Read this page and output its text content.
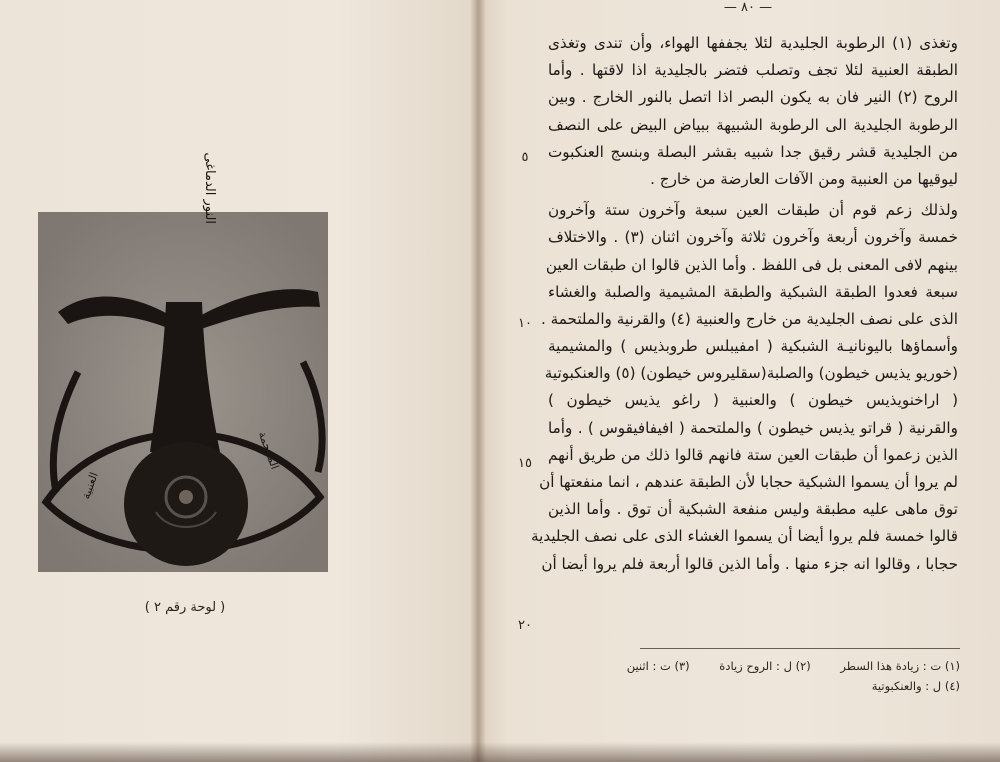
النور الدماغى
الملتحمة
العنبية
( لوحة رقم ٢ )
— ٨٠ —
وتغذى (١) الرطوبة الجليدية لئلا يجففها الهواء، وأن تندى وتغذى
الطبقة العنبية لئلا تجف وتصلب فتضر بالجليدية اذا لاقتها . وأما
الروح (٢) النير فان به يكون البصر اذا اتصل بالنور الخارج . وبين
الرطوبة الجليدية الى الرطوبة الشبيهة ببياض البيض على النصف
من الجليدية قشر رقيق جدا شبيه بقشر البصلة وبنسج العنكبوت
ليوقيها من العنبية ومن الآفات العارضة من خارج .
ولذلك زعم قوم أن طبقات العين سبعة وآخرون ستة وآخرون
خمسة وآخرون أربعة وآخرون ثلاثة وآخرون اثنان (٣) . والاختلاف
بينهم لافى المعنى بل فى اللفظ . وأما الذين قالوا ان طبقات العين
سبعة فعدوا الطبقة الشبكية والطبقة المشيمية والصلبة والغشاء
الذى على نصف الجليدية من خارج والعنبية (٤) والقرنية والملتحمة .
وأسماؤها باليونانيـة الشبكية ( امفيبلس طروبذيس ) والمشيمية
(خوريو يذيس خيطون) والصلبة(سقليروس خيطون) (٥) والعنكبوتية
( اراخنويذيس خيطون ) والعنبية ( راغو يذيس خيطون )
والقرنية ( قراتو يذيس خيطون ) والملتحمة ( افيفافيقوس ) . وأما
الذين زعموا أن طبقات العين ستة فانهم قالوا ذلك من طريق أنهم
لم يروا أن يسموا الشبكية حجابا لأن الطبقة عندهم ، انما منفعتها أن
توق ماهى عليه مطبقة وليس منفعة الشبكية أن توق . وأما الذين
قالوا خمسة فلم يروا أيضا أن يسموا الغشاء الذى على نصف الجليدية
حجابا ، وقالوا انه جزء منها . وأما الذين قالوا أربعة فلم يروا أيضا أن
٥
١٠
١٥
٢٠
(١) ت : زيادة هذا السطر (٢) ل : الروح زيادة (٣) ت : اثنين
(٤) ل : والعنكبوتية
